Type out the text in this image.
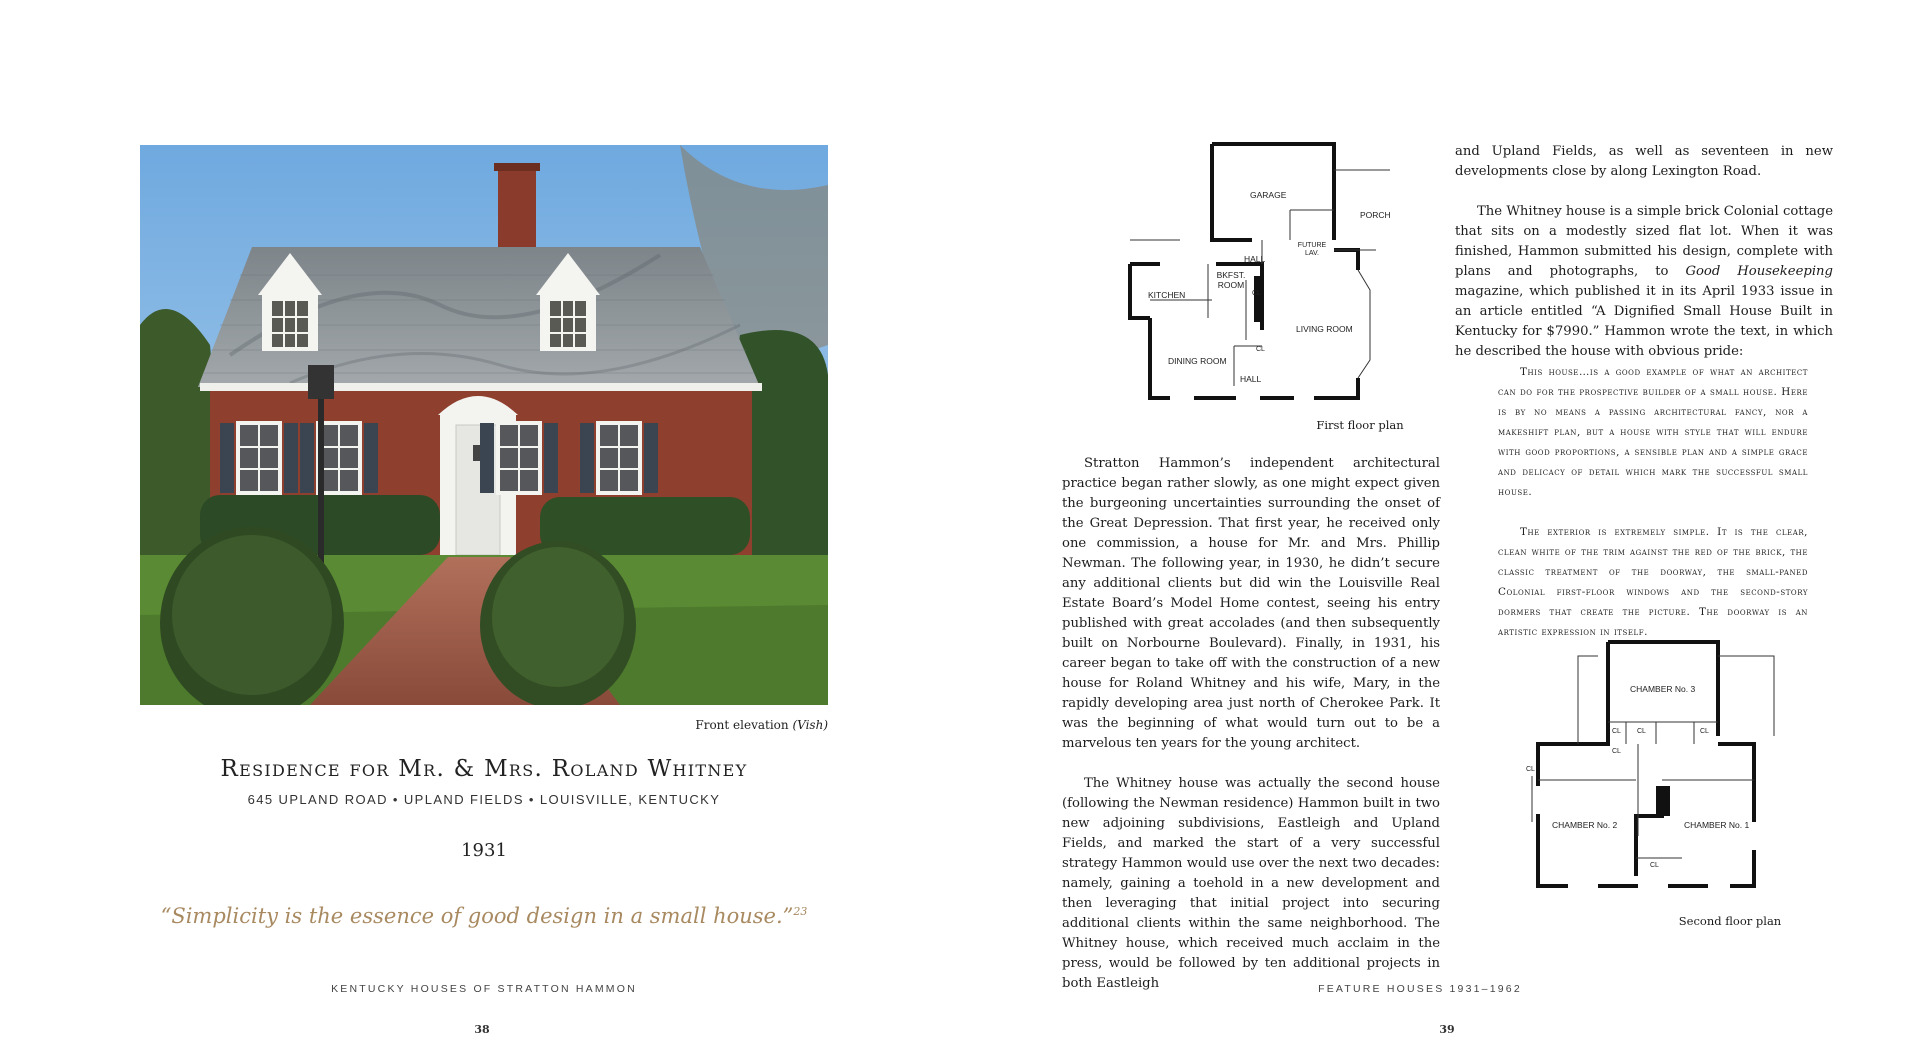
Front elevation (Vish)
Residence for Mr. & Mrs. Roland Whitney
645 UPLAND ROAD • UPLAND FIELDS • LOUISVILLE, KENTUCKY
1931
“Simplicity is the essence of good design in a small house.”$^{23}$
KENTUCKY HOUSES OF STRATTON HAMMON
38
GARAGE
PORCH
HALL
FUTURE LAV.
BKFST. ROOM
KITCHEN	CL
LIVING ROOM
CL
DINING ROOM
HALL
First floor plan

Stratton Hammon’s independent architectural practice began rather slowly, as one might expect given the burgeoning uncertainties surrounding the onset of the Great Depression. That first year, he received only one commission, a house for Mr. and Mrs. Phillip Newman. The following year, in 1930, he didn’t secure any additional clients but did win the Louisville Real Estate Board’s Model Home contest, seeing his entry published with great accolades (and then subsequently built on Norbourne Boulevard). Finally, in 1931, his career began to take off with the construction of a new house for Roland Whitney and his wife, Mary, in the rapidly developing area just north of Cherokee Park. It was the beginning of what would turn out to be a marvelous ten years for the young architect.

The Whitney house was actually the second house (following the Newman residence) Hammon built in two new adjoining subdivisions, Eastleigh and Upland Fields, and marked the start of a very successful strategy Hammon would use over the next two decades: namely, gaining a toehold in a new development and then leveraging that initial project into securing additional clients within the same neighborhood. The Whitney house, which received much acclaim in the press, would be followed by ten additional projects in both Eastleigh

and Upland Fields, as well as seventeen in new developments close by along Lexington Road.

The Whitney house is a simple brick Colonial cottage that sits on a modestly sized flat lot. When it was finished, Hammon submitted his design, complete with plans and photographs, to Good Housekeeping magazine, which published it in its April 1933 issue in an article entitled “A Dignified Small House Built in Kentucky for $7990.” Hammon wrote the text, in which he described the house with obvious pride:

This house…is a good example of what an architect can do for the prospective builder of a small house. Here is by no means a passing architectural fancy, nor a makeshift plan, but a house with style that will endure with good proportions, a sensible plan and a simple grace and delicacy of detail which mark the successful small house.

The exterior is extremely simple. It is the clear, clean white of the trim against the red of the brick, the classic treatment of the doorway, the small-paned Colonial first-floor windows and the second-story dormers that create the picture. The doorway is an artistic expression in itself.

CHAMBER No. 3
CL CL	CL
CL
CL
CHAMBER No. 2	CHAMBER No. 1
CL
Second floor plan
FEATURE HOUSES 1931–1962
39
